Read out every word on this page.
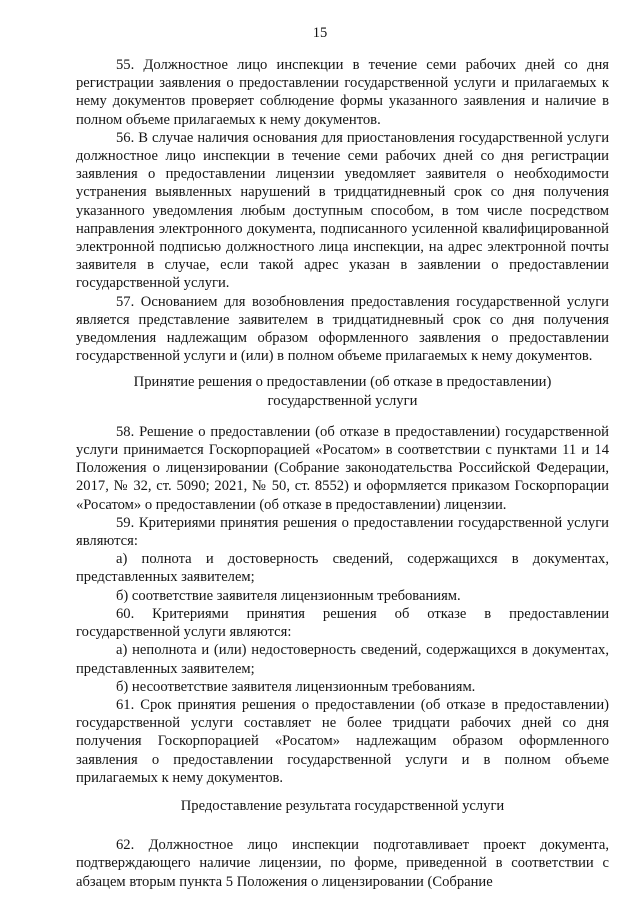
15

55. Должностное лицо инспекции в течение семи рабочих дней со дня регистрации заявления о предоставлении государственной услуги и прилагаемых к нему документов проверяет соблюдение формы указанного заявления и наличие в полном объеме прилагаемых к нему документов.

56. В случае наличия основания для приостановления государственной услуги должностное лицо инспекции в течение семи рабочих дней со дня регистрации заявления о предоставлении лицензии уведомляет заявителя о необходимости устранения выявленных нарушений в тридцатидневный срок со дня получения указанного уведомления любым доступным способом, в том числе посредством направления электронного документа, подписанного усиленной квалифицированной электронной подписью должностного лица инспекции, на адрес электронной почты заявителя в случае, если такой адрес указан в заявлении о предоставлении государственной услуги.

57. Основанием для возобновления предоставления государственной услуги является представление заявителем в тридцатидневный срок со дня получения уведомления надлежащим образом оформленного заявления о предоставлении государственной услуги и (или) в полном объеме прилагаемых к нему документов.

Принятие решения о предоставлении (об отказе в предоставлении)

государственной услуги

58. Решение о предоставлении (об отказе в предоставлении) государственной услуги принимается Госкорпорацией «Росатом» в соответствии с пунктами 11 и 14 Положения о лицензировании (Собрание законодательства Российской Федерации, 2017, № 32, ст. 5090; 2021, № 50, ст. 8552) и оформляется приказом Госкорпорации «Росатом» о предоставлении (об отказе в предоставлении) лицензии.

59. Критериями принятия решения о предоставлении государственной услуги являются:

а) полнота и достоверность сведений, содержащихся в документах, представленных заявителем;

б) соответствие заявителя лицензионным требованиям.

60. Критериями принятия решения об отказе в предоставлении государственной услуги являются:

а) неполнота и (или) недостоверность сведений, содержащихся в документах, представленных заявителем;

б) несоответствие заявителя лицензионным требованиям.

61. Срок принятия решения о предоставлении (об отказе в предоставлении) государственной услуги составляет не более тридцати рабочих дней со дня получения Госкорпорацией «Росатом» надлежащим образом оформленного заявления о предоставлении государственной услуги и в полном объеме прилагаемых к нему документов.

Предоставление результата государственной услуги

62. Должностное лицо инспекции подготавливает проект документа, подтверждающего наличие лицензии, по форме, приведенной в соответствии с абзацем вторым пункта 5 Положения о лицензировании (Собрание
